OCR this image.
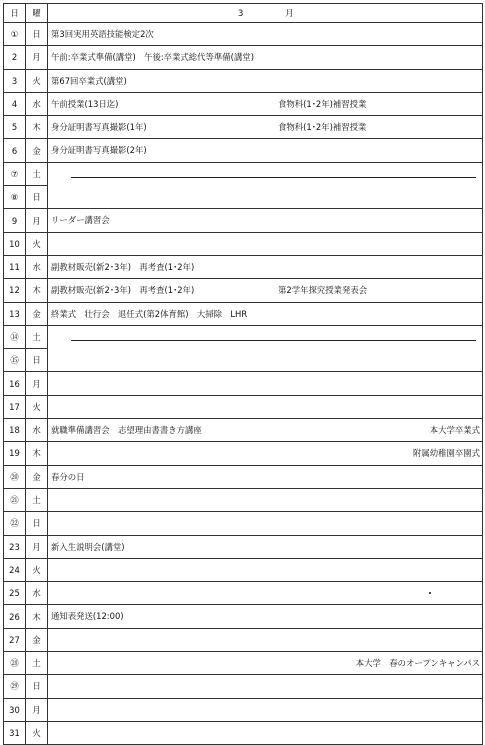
日	曜	3　　　　　月

①	日	第3回実用英語技能検定2次

2	月	午前:卒業式準備(講堂)　午後:卒業式総代等準備(講堂)

3	火	第67回卒業式(講堂)

4	水	午前授業(13日迄) 食物科(1･2年)補習授業

5	木	身分証明書写真撮影(1年) 食物科(1･2年)補習授業

6	金	身分証明書写真撮影(2年)

⑦	土	

⑧	日	
9	月	リーダー講習会

10	火	
11	水	副教材販売(新2･3年)　再考査(1･2年)

12	木	副教材販売(新2･3年)　再考査(1･2年) 第2学年探究授業発表会

13	金	終業式　壮行会　退任式(第2体育館)　大掃除　LHR

⑭	土	

⑮	日	
16	月	
17	火	
18	水	就職準備講習会　志望理由書書き方講座 本大学卒業式

19	木	附属幼稚園卒園式

⑳	金	春分の日

㉑	土	
㉒	日	
23	月	新入生説明会(講堂)

24	火	
25	水	

26	木	通知表発送(12:00)

27	金	
㉘	土	本大学　春のオープンキャンパス

㉙	日	
30	月	
31	火	
